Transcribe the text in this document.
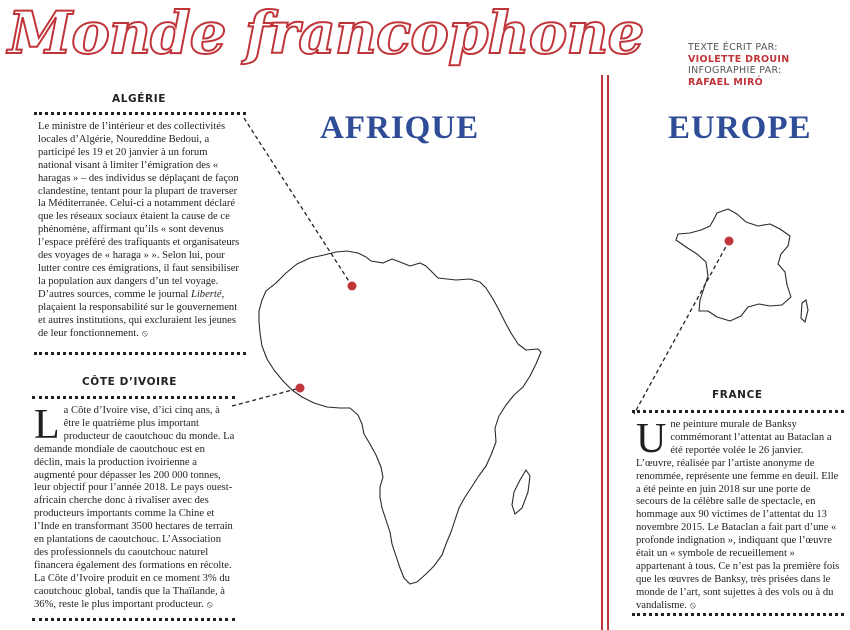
Monde francophone	TEXTE ÉCRIT PAR:
VIOLETTE DROUIN
INFOGRAPHIE PAR:
RAFAEL MIRÓ
AFRIQUE	EUROPE
ALGÉRIE
Le ministre de l’intérieur et des collectivités locales d’Algérie, Noureddine Bedoui, a participé les 19 et 20 janvier à un forum national visant à limiter l’émigration des « haragas » – des individus se déplaçant de façon clandestine, tentant pour la plupart de traverser la Méditerranée. Celui-ci a notamment déclaré que les réseaux sociaux étaient la cause de ce phénomène, affirmant qu’ils « sont devenus l’espace préféré des trafiquants et organisateurs des voyages de « haraga » ». Selon lui, pour lutter contre ces émigrations, il faut sensibiliser la population aux dangers d’un tel voyage. D’autres sources, comme le journal Liberté, plaçaient la responsabilité sur le gouvernement et autres institutions, qui excluraient les jeunes de leur fonctionnement. ⦸
CÔTE D’IVOIRE
La Côte d’Ivoire vise, d’ici cinq ans, à être le quatrième plus important producteur de caoutchouc du monde. La demande mondiale de caoutchouc est en déclin, mais la production ivoirienne a augmenté pour dépasser les 200 000 tonnes, leur objectif pour l’année 2018. Le pays ouest-africain cherche donc à rivaliser avec des producteurs importants comme la Chine et l’Inde en transformant 3500 hectares de terrain en plantations de caoutchouc. L’Association des professionnels du caoutchouc naturel financera également des formations en récolte. La Côte d’Ivoire produit en ce moment 3% du caoutchouc global, tandis que la Thaïlande, à 36%, reste le plus important producteur. ⦸
FRANCE
Une peinture murale de Banksy commémorant l’attentat au Bataclan a été reportée volée le 26 janvier. L’œuvre, réalisée par l’artiste anonyme de renommée, représente une femme en deuil. Elle a été peinte en juin 2018 sur une porte de secours de la célèbre salle de spectacle, en hommage aux 90 victimes de l’attentat du 13 novembre 2015. Le Bataclan a fait part d’une « profonde indignation », indiquant que l’œuvre était un « symbole de recueillement » appartenant à tous. Ce n’est pas la première fois que les œuvres de Banksy, très prisées dans le monde de l’art, sont sujettes à des vols ou à du vandalisme. ⦸
